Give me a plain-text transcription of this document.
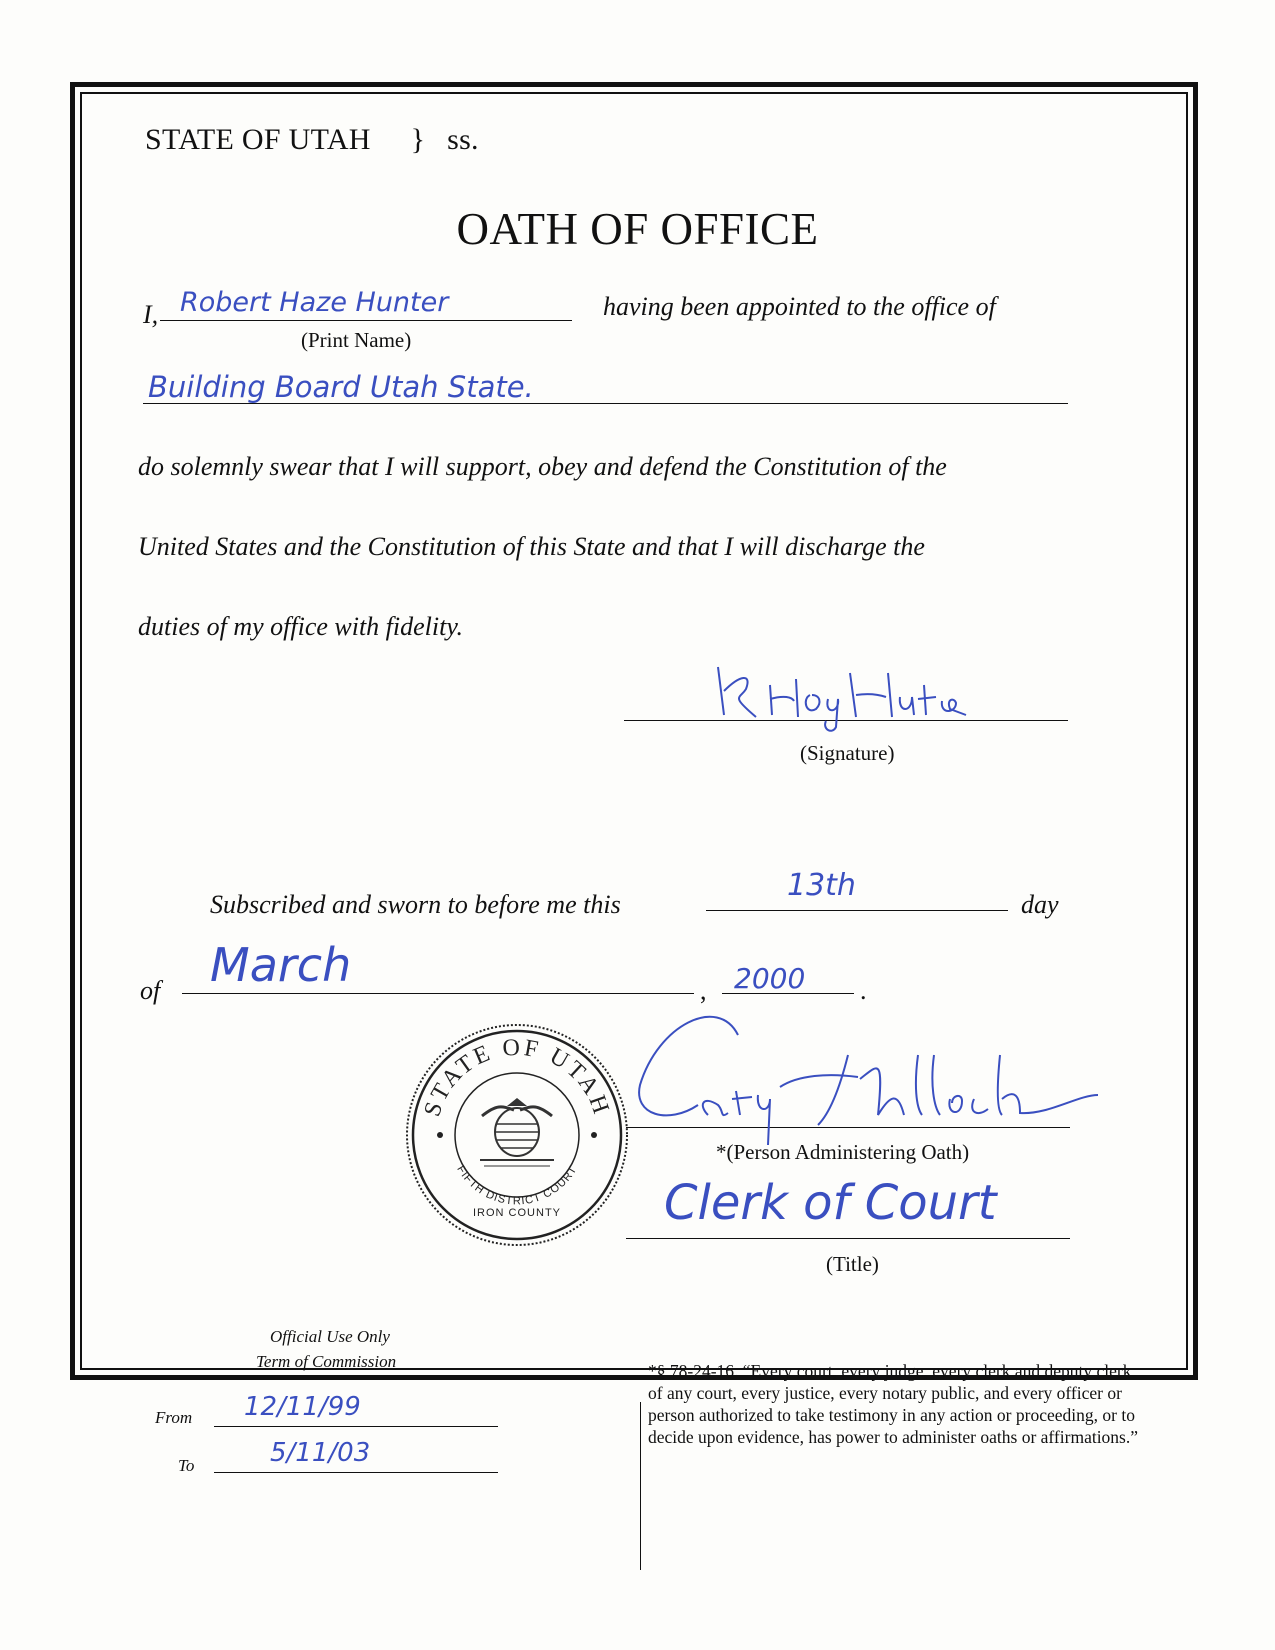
STATE OF UTAH } ss.
OATH OF OFFICE
I, Robert Haze Hunter	having been appointed to the office of
(Print Name)
Building Board Utah State.
do solemnly swear that I will support, obey and defend the Constitution of the
United States and the Constitution of this State and that I will discharge the
duties of my office with fidelity.
(Signature)
Subscribed and sworn to before me this
13th
day
of March	, 2000 .
STATE OF UTAH
FIFTH DISTRICT COURT
IRON COUNTY
*(Person Administering Oath)
Clerk of Court
(Title)
Official Use Only
Term of Commission
From 12/11/99
To	5/11/03
*§ 78-24-16. “Every court, every judge, every clerk and deputy clerk of any court, every justice, every notary public, and every officer or person authorized to take testimony in any action or proceeding, or to decide upon evidence, has power to administer oaths or affirmations.”
